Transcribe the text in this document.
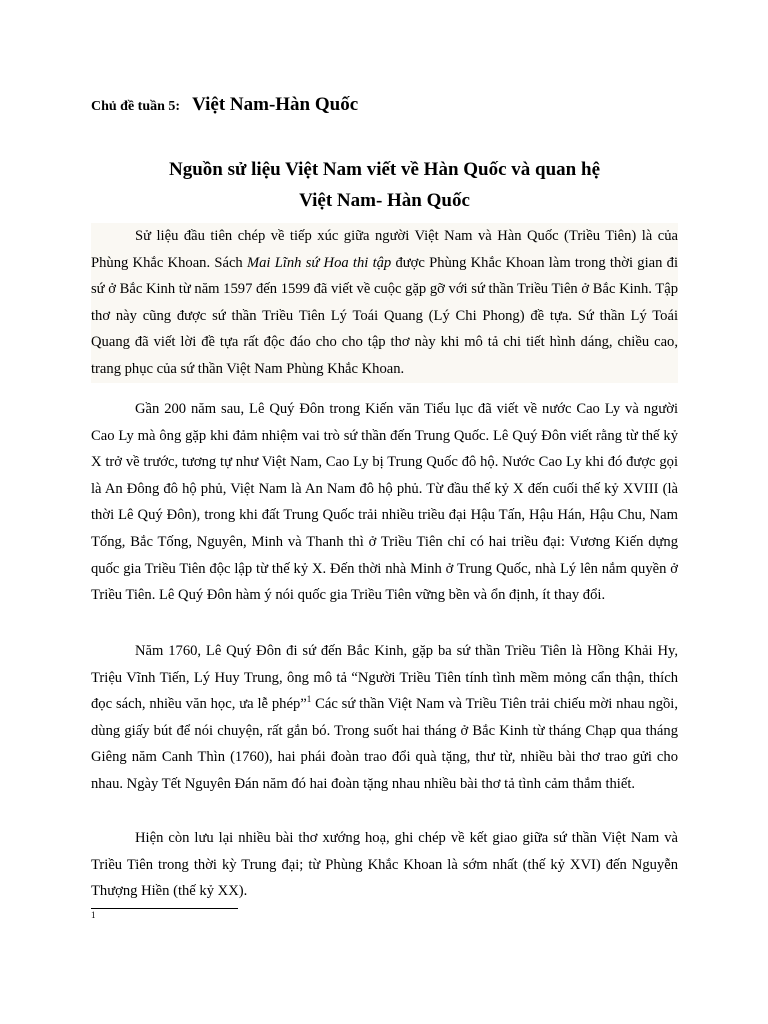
Chủ đề tuần 5: Việt Nam-Hàn Quốc
Nguồn sử liệu Việt Nam viết về Hàn Quốc và quan hệ
Việt Nam- Hàn Quốc

Sử liệu đầu tiên chép về tiếp xúc giữa người Việt Nam và Hàn Quốc (Triều Tiên) là của Phùng Khắc Khoan. Sách Mai Lĩnh sứ Hoa thi tập được Phùng Khắc Khoan làm trong thời gian đi sứ ở Bắc Kinh từ năm 1597 đến 1599 đã viết về cuộc gặp gỡ với sứ thần Triều Tiên ở Bắc Kinh. Tập thơ này cũng được sứ thần Triều Tiên Lý Toái Quang (Lý Chi Phong) đề tựa. Sứ thần Lý Toái Quang đã viết lời đề tựa rất độc đáo cho cho tập thơ này khi mô tả chi tiết hình dáng, chiều cao, trang phục của sứ thần Việt Nam Phùng Khắc Khoan.

Gần 200 năm sau, Lê Quý Đôn trong Kiến văn Tiểu lục đã viết về nước Cao Ly và người Cao Ly mà ông gặp khi đảm nhiệm vai trò sứ thần đến Trung Quốc. Lê Quý Đôn viết rằng từ thế kỷ X trở về trước, tương tự như Việt Nam, Cao Ly bị Trung Quốc đô hộ. Nước Cao Ly khi đó được gọi là An Đông đô hộ phủ, Việt Nam là An Nam đô hộ phủ. Từ đầu thế kỷ X đến cuối thế kỷ XVIII (là thời Lê Quý Đôn), trong khi đất Trung Quốc trải nhiều triều đại Hậu Tấn, Hậu Hán, Hậu Chu, Nam Tống, Bắc Tống, Nguyên, Minh và Thanh thì ở Triều Tiên chỉ có hai triều đại: Vương Kiến dựng quốc gia Triều Tiên độc lập từ thế kỷ X. Đến thời nhà Minh ở Trung Quốc, nhà Lý lên nắm quyền ở Triều Tiên. Lê Quý Đôn hàm ý nói quốc gia Triều Tiên vững bền và ổn định, ít thay đổi.

Năm 1760, Lê Quý Đôn đi sứ đến Bắc Kinh, gặp ba sứ thần Triều Tiên là Hồng Khải Hy, Triệu Vĩnh Tiến, Lý Huy Trung, ông mô tả “Người Triều Tiên tính tình mềm mỏng cẩn thận, thích đọc sách, nhiều văn học, ưa lễ phép”$^1$ Các sứ thần Việt Nam và Triều Tiên trải chiếu mời nhau ngồi, dùng giấy bút để nói chuyện, rất gắn bó. Trong suốt hai tháng ở Bắc Kinh từ tháng Chạp qua tháng Giêng năm Canh Thìn (1760), hai phái đoàn trao đổi quà tặng, thư từ, nhiều bài thơ trao gửi cho nhau. Ngày Tết Nguyên Đán năm đó hai đoàn tặng nhau nhiều bài thơ tả tình cảm thắm thiết.

Hiện còn lưu lại nhiều bài thơ xướng hoạ, ghi chép về kết giao giữa sứ thần Việt Nam và Triều Tiên trong thời kỳ Trung đại; từ Phùng Khắc Khoan là sớm nhất (thế kỷ XVI) đến Nguyễn Thượng Hiền (thế kỷ XX).

1
